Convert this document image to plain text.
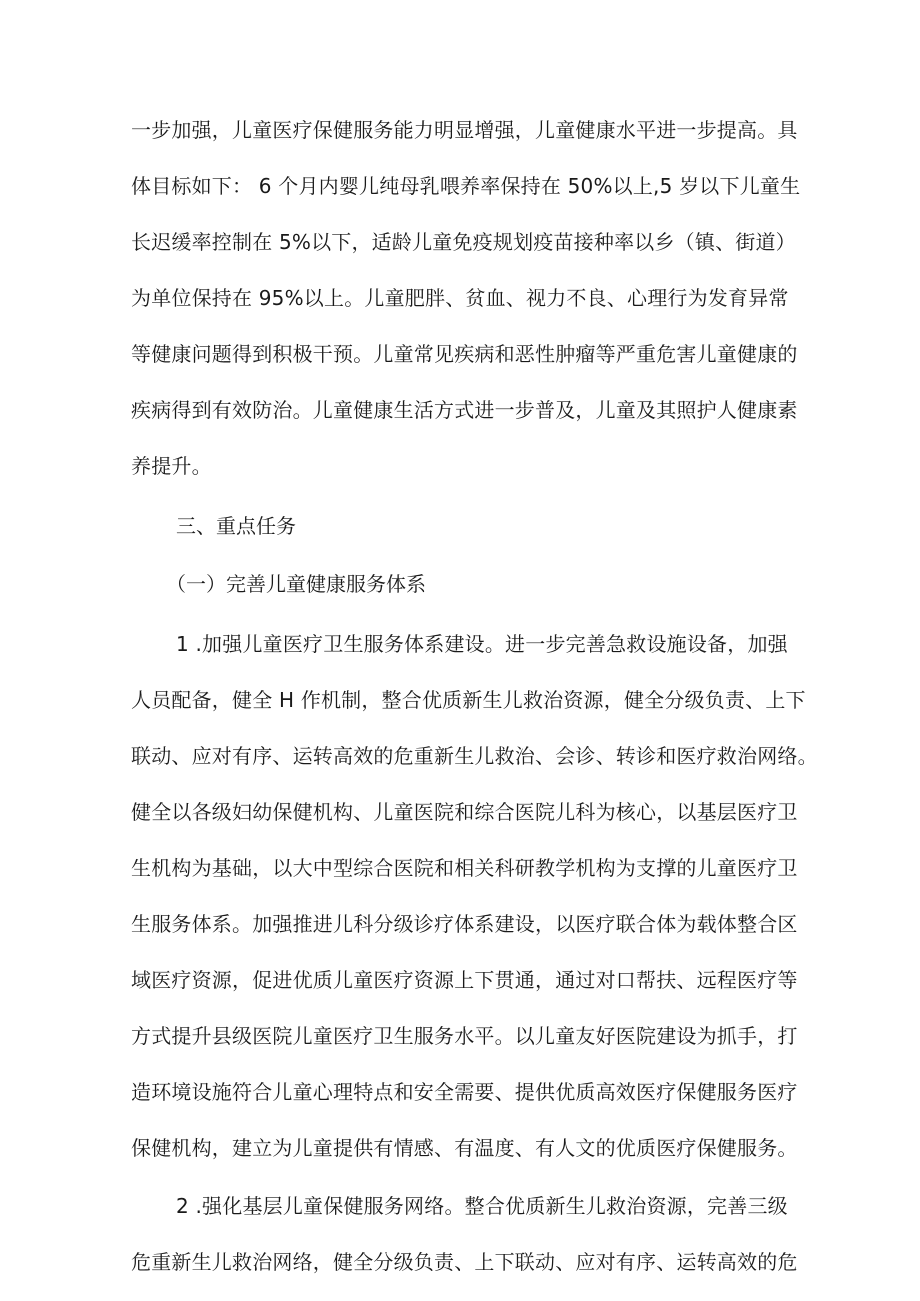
一步加强，儿童医疗保健服务能力明显增强，儿童健康水平进一步提高。具
体目标如下： 6 个月内婴儿纯母乳喂养率保持在 50%以上,5 岁以下儿童生
长迟缓率控制在 5%以下，适龄儿童免疫规划疫苗接种率以乡（镇、街道）
为单位保持在 95%以上。儿童肥胖、贫血、视力不良、心理行为发育异常
等健康问题得到积极干预。儿童常见疾病和恶性肿瘤等严重危害儿童健康的
疾病得到有效防治。儿童健康生活方式进一步普及，儿童及其照护人健康素
养提升。
三、重点任务
（一）完善儿童健康服务体系
1 .加强儿童医疗卫生服务体系建设。进一步完善急救设施设备，加强
人员配备，健全 H 作机制，整合优质新生儿救治资源，健全分级负责、上下
联动、应对有序、运转高效的危重新生儿救治、会诊、转诊和医疗救治网络。
健全以各级妇幼保健机构、儿童医院和综合医院儿科为核心，以基层医疗卫
生机构为基础，以大中型综合医院和相关科研教学机构为支撑的儿童医疗卫
生服务体系。加强推进儿科分级诊疗体系建设，以医疗联合体为载体整合区
域医疗资源，促进优质儿童医疗资源上下贯通，通过对口帮扶、远程医疗等
方式提升县级医院儿童医疗卫生服务水平。以儿童友好医院建设为抓手，打
造环境设施符合儿童心理特点和安全需要、提供优质高效医疗保健服务医疗
保健机构，建立为儿童提供有情感、有温度、有人文的优质医疗保健服务。
2 .强化基层儿童保健服务网络。整合优质新生儿救治资源，完善三级
危重新生儿救治网络，健全分级负责、上下联动、应对有序、运转高效的危
